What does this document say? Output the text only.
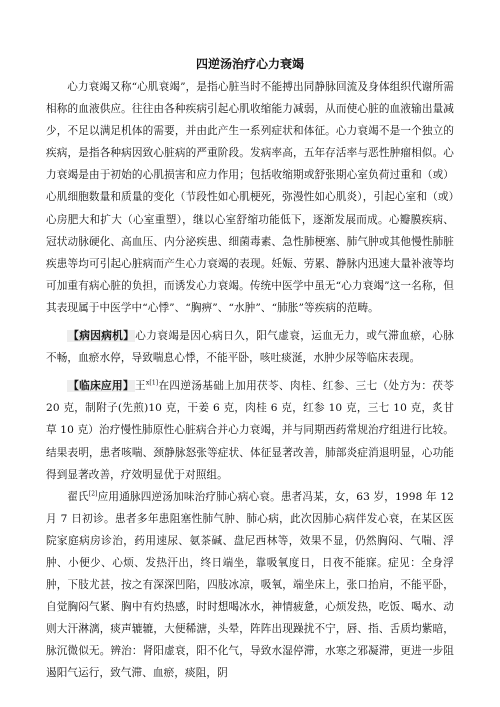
四逆汤治疗心力衰竭
心力衰竭又称“心肌衰竭”，是指心脏当时不能搏出同静脉回流及身体组织代谢所需相称的血液供应。往往由各种疾病引起心肌收缩能力减弱，从而使心脏的血液输出量减少，不足以满足机体的需要，并由此产生一系列症状和体征。心力衰竭不是一个独立的疾病，是指各种病因致心脏病的严重阶段。发病率高，五年存活率与恶性肿瘤相似。心力衰竭是由于初始的心肌损害和应力作用；包括收缩期或舒张期心室负荷过重和（或）心肌细胞数量和质量的变化（节段性如心肌梗死，弥漫性如心肌炎），引起心室和（或）心房肥大和扩大（心室重塑），继以心室舒缩功能低下，逐渐发展而成。心瓣膜疾病、冠状动脉硬化、高血压、内分泌疾患、细菌毒素、急性肺梗塞、肺气肿或其他慢性肺脏疾患等均可引起心脏病而产生心力衰竭的表现。妊娠、劳累、静脉内迅速大量补液等均可加重有病心脏的负担，而诱发心力衰竭。传统中医学中虽无“心力衰竭”这一名称，但其表现属于中医学中“心悸”、“胸痹”、“水肿”、“肺胀”等疾病的范畴。
【病因病机】心力衰竭是因心病日久，阳气虚衰，运血无力，或气滞血瘀，心脉不畅，血瘀水停，导致喘息心悸，不能平卧，咳吐痰涎，水肿少尿等临床表现。
【临床应用】王$^{x[1]}$在四逆汤基础上加用茯苓、肉桂、红参、三七（处方为：茯苓 20 克，制附子(先煎)10 克，干姜 6 克，肉桂 6 克，红参 10 克，三七 10 克，炙甘草 10 克）治疗慢性肺原性心脏病合并心力衰竭，并与同期西药常规治疗组进行比较。结果表明，患者咳喘、颈静脉怒张等症状、体征显著改善，肺部炎症消退明显，心功能得到显著改善，疗效明显优于对照组。
翟氏[2]应用通脉四逆汤加味治疗肺心病心衰。患者冯某，女，63 岁，1998 年 12 月 7 日初诊。患者多年患阻塞性肺气肿、肺心病，此次因肺心病伴发心衰，在某区医院家庭病房诊治，药用速尿、氨茶碱、盘尼西林等，效果不显，仍然胸闷、气喘、浮肿、小便少、心烦、发热汗出，终日端坐，靠吸氧度日，日夜不能寐。症见：全身浮肿，下肢尤甚，按之有深深凹陷，四肢冰凉，吸氧，端坐床上，张口抬肩，不能平卧，自觉胸闷气紧、胸中有灼热感，时时想喝冰水，神情疲惫，心烦发热，吃饭、喝水、动则大汗淋漓，痰声辘辘，大便稀溏，头晕，阵阵出现躁扰不宁，唇、指、舌质均紫暗，脉沉微似无。辨治：肾阳虚衰，阳不化气，导致水湿停滞，水寒之邪凝滞，更进一步阻遏阳气运行，致气滞、血瘀，痰阻，阴
